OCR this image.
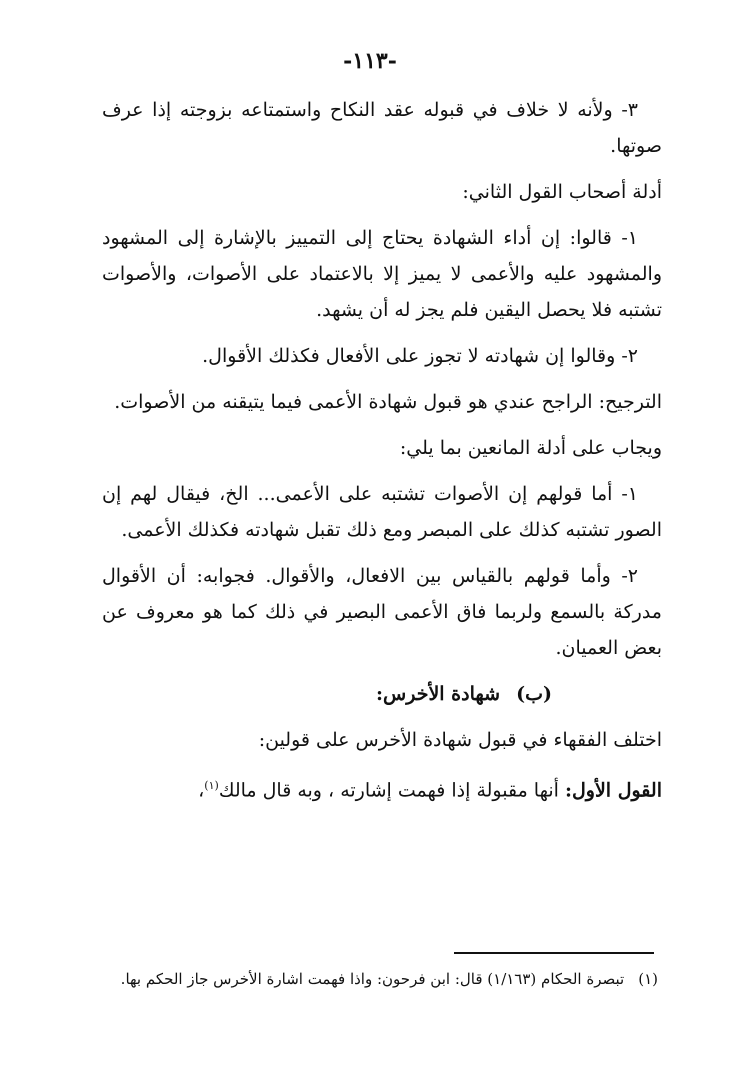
-١١٣-

٣- ولأنه لا خلاف في قبوله عقد النكاح واستمتاعه بزوجته إذا عرف صوتها.

أدلة أصحاب القول الثاني:

١- قالوا: إن أداء الشهادة يحتاج إلى التمييز بالإشارة إلى المشهود والمشهود عليه والأعمى لا يميز إلا بالاعتماد على الأصوات، والأصوات تشتبه فلا يحصل اليقين فلم يجز له أن يشهد.

٢- وقالوا إن شهادته لا تجوز على الأفعال فكذلك الأقوال.

الترجيح: الراجح عندي هو قبول شهادة الأعمى فيما يتيقنه من الأصوات.

ويجاب على أدلة المانعين بما يلي:

١- أما قولهم إن الأصوات تشتبه على الأعمى... الخ، فيقال لهم إن الصور تشتبه كذلك على المبصر ومع ذلك تقبل شهادته فكذلك الأعمى.

٢- وأما قولهم بالقياس بين الافعال، والأقوال. فجوابه: أن الأقوال مدركة بالسمع ولربما فاق الأعمى البصير في ذلك كما هو معروف عن بعض العميان.

(ب) شهادة الأخرس:

اختلف الفقهاء في قبول شهادة الأخرس على قولين:

القول الأول: أنها مقبولة إذا فهمت إشارته ، وبه قال مالك$^{(١)}$،

(١)تبصرة الحكام (١/١٦٣) قال: ابن فرحون: واذا فهمت اشارة الأخرس جاز الحكم بها.
